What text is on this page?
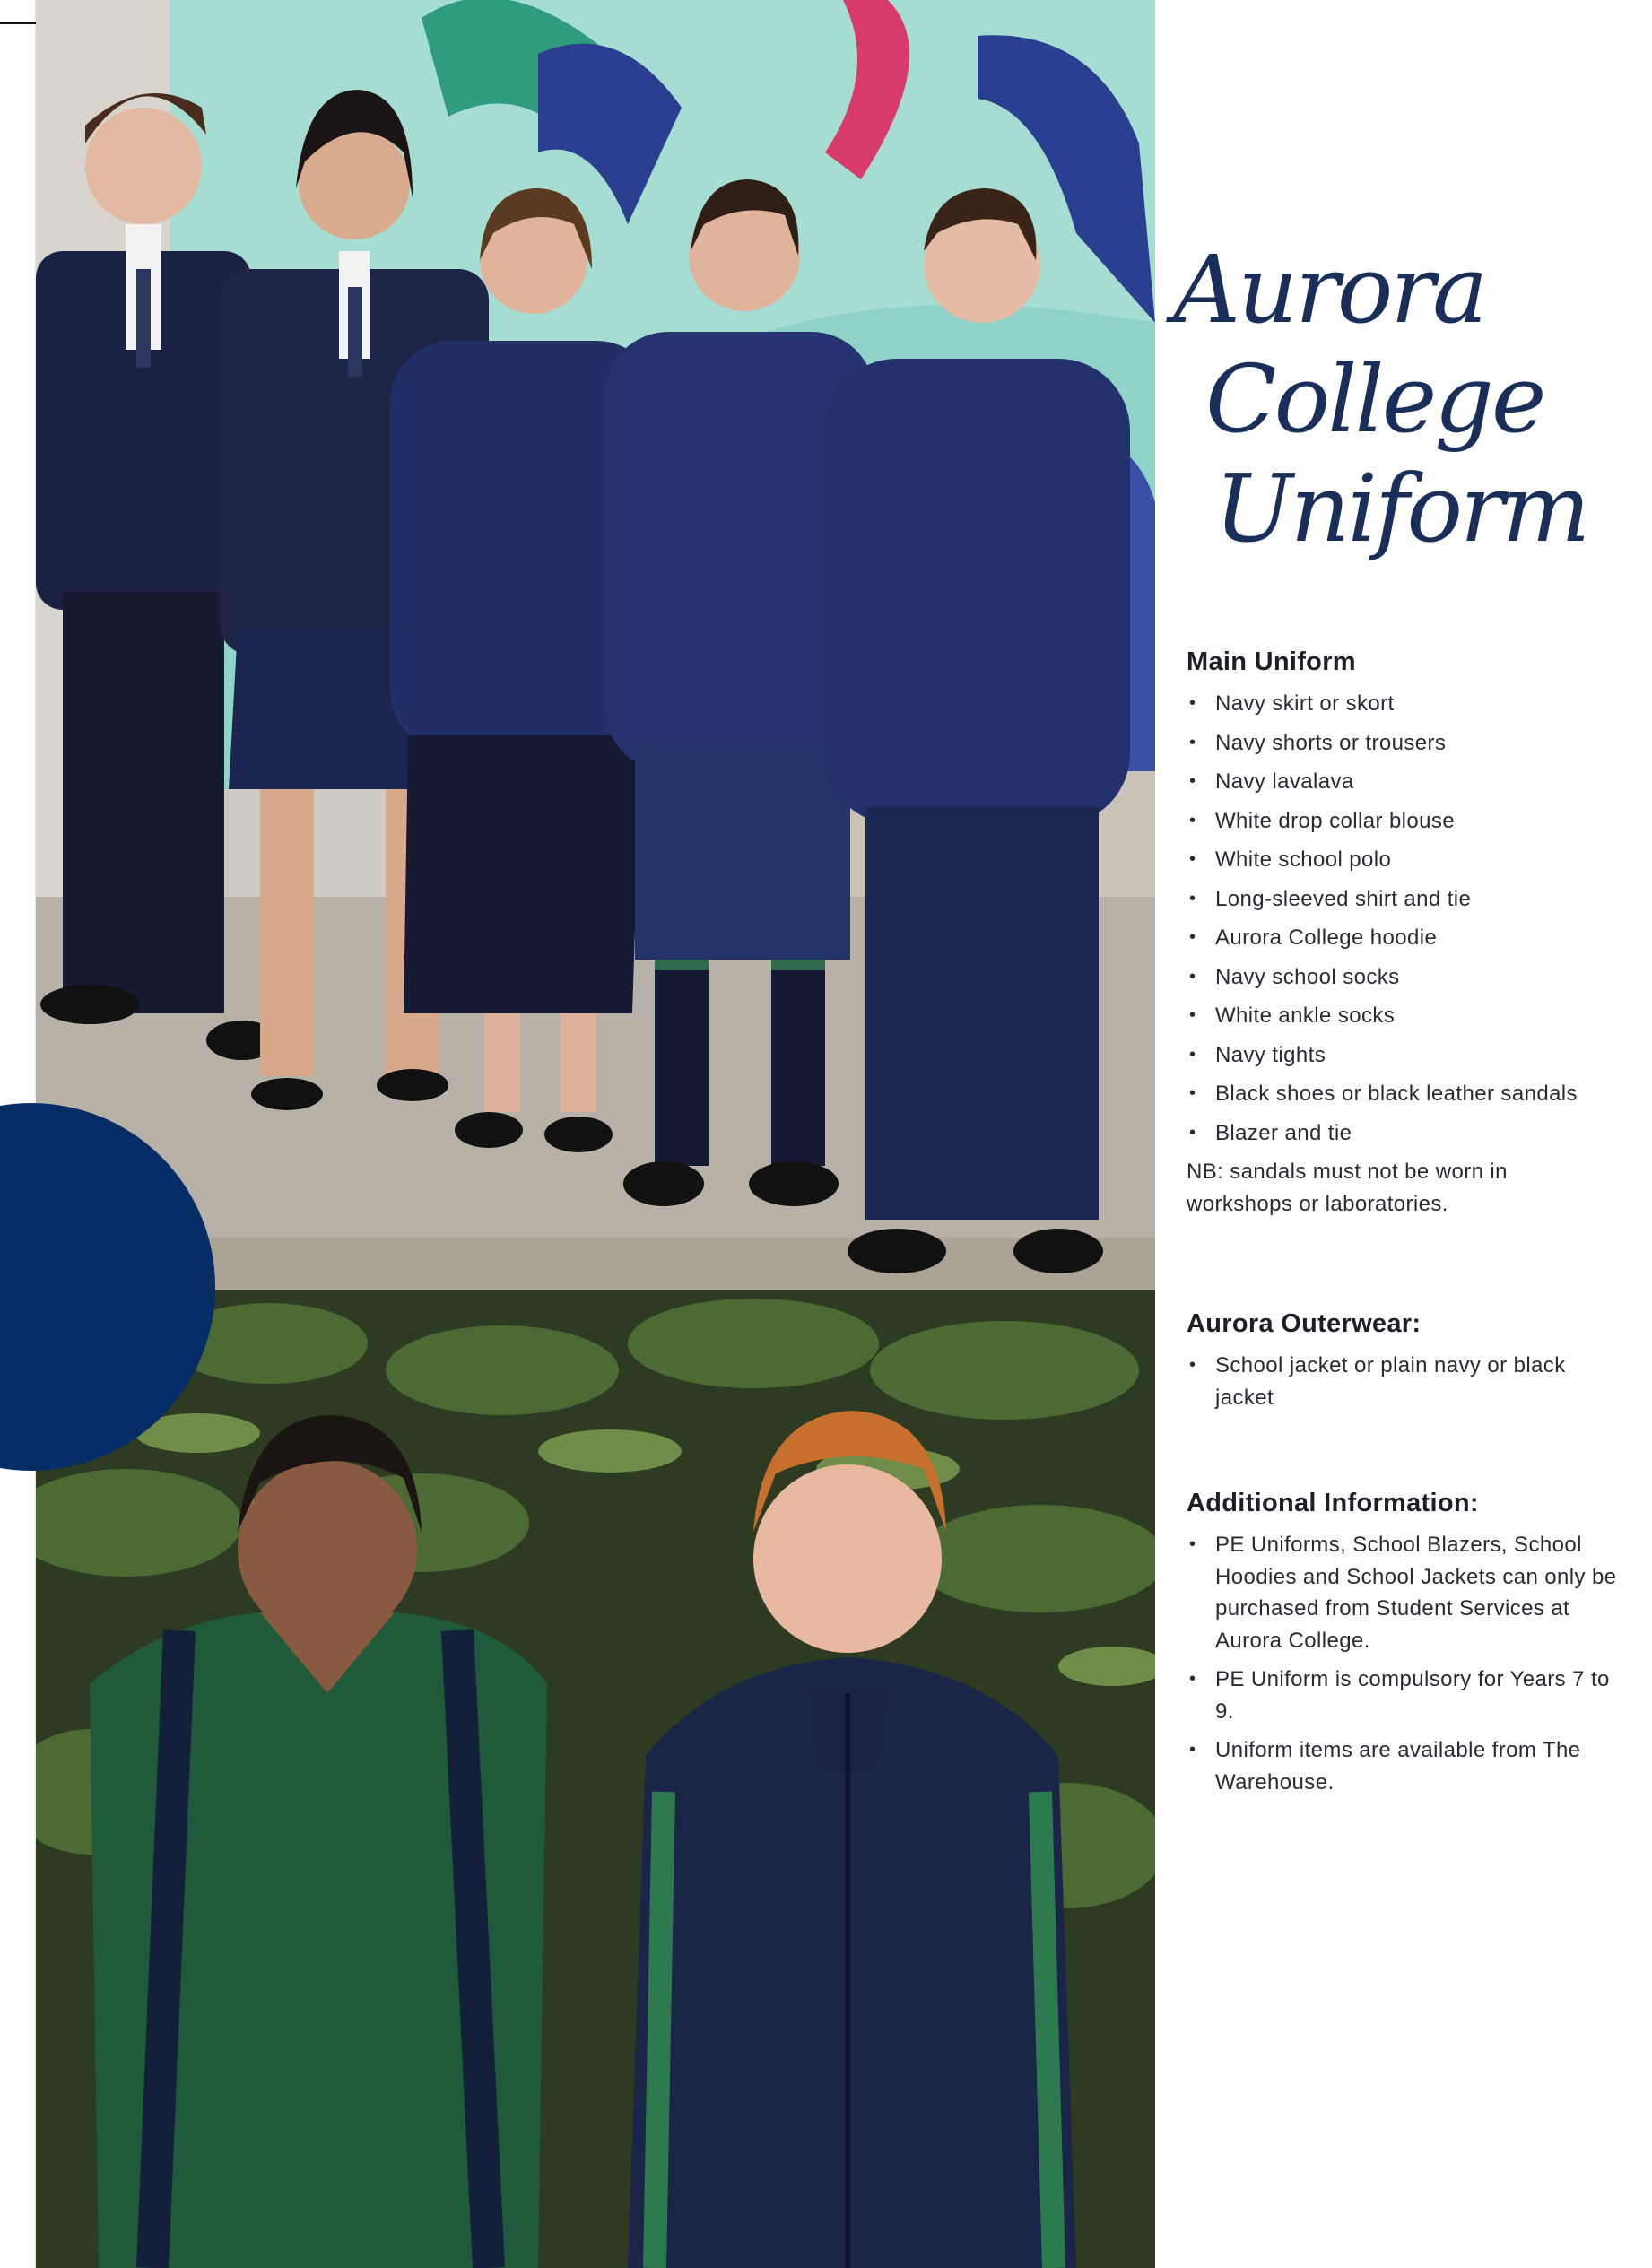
Aurora
College
Uniform
Main Uniform
• Navy skirt or skort
• Navy shorts or trousers
• Navy lavalava
• White drop collar blouse
• White school polo
• Long-sleeved shirt and tie
• Aurora College hoodie
• Navy school socks
• White ankle socks
• Navy tights
• Black shoes or black leather sandals
• Blazer and tie

NB: sandals must not be worn in workshops or laboratories.

Aurora Outerwear:
• School jacket or plain navy or black jacket
Additional Information:
• PE Uniforms, School Blazers, School Hoodies and School Jackets can only be purchased from Student Services at Aurora College.
• PE Uniform is compulsory for Years 7 to 9.
• Uniform items are available from The Warehouse.
